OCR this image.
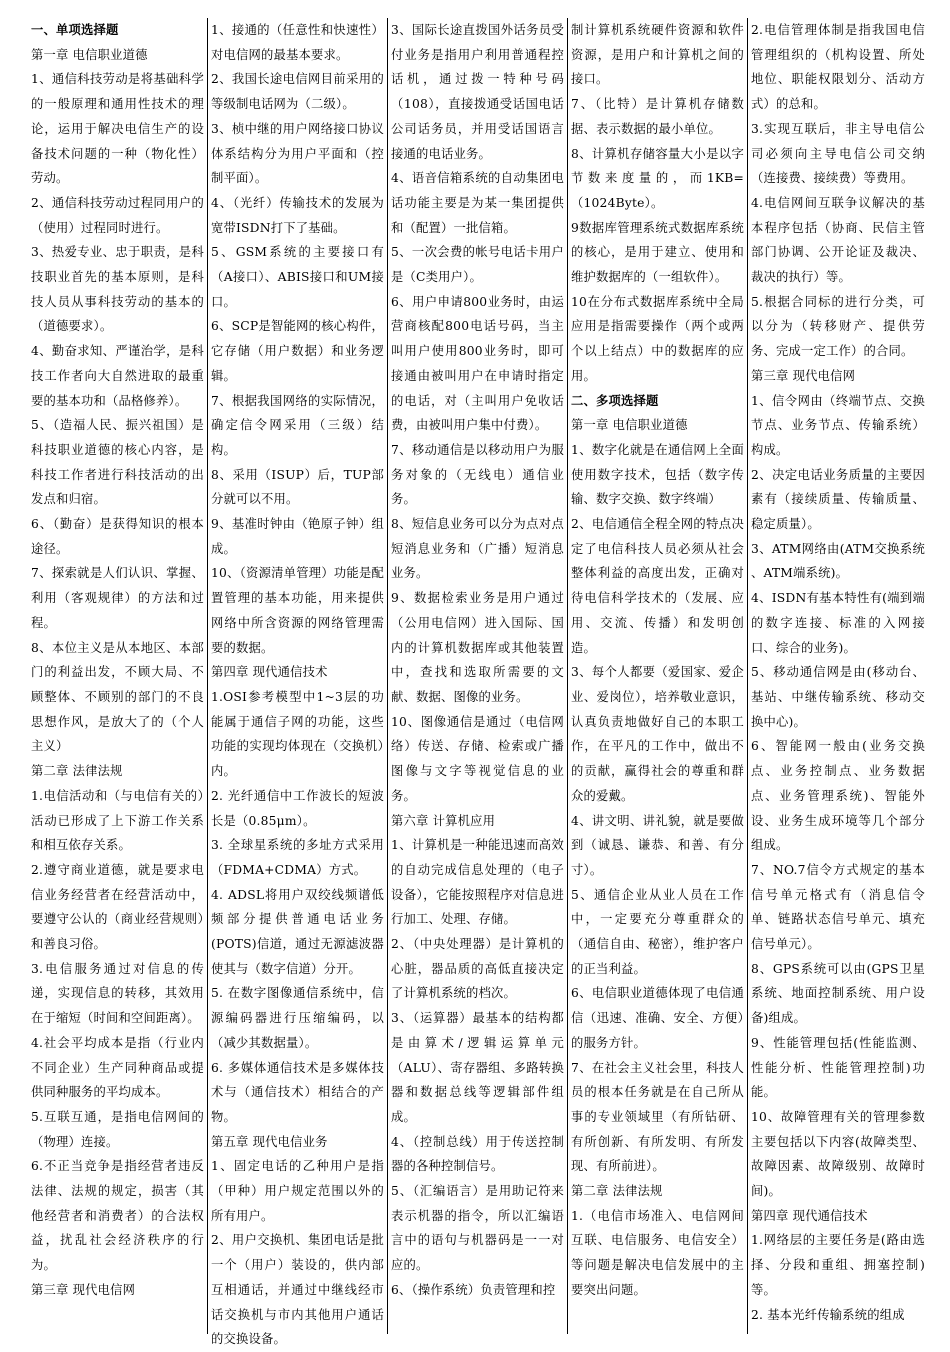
一、单项选择题

第一章 电信职业道德

1、通信科技劳动是将基础科学的一般原理和通用性技术的理论，运用于解决电信生产的设备技术问题的一种（物化性）劳动。

2、通信科技劳动过程同用户的（使用）过程同时进行。

3、热爱专业、忠于职责，是科技职业首先的基本原则，是科技人员从事科技劳动的基本的（道德要求）。

4、勤奋求知、严谨治学，是科技工作者向大自然进取的最重要的基本功和（品格修养）。

5、（造福人民、振兴祖国）是科技职业道德的核心内容，是科技工作者进行科技活动的出发点和归宿。

6、（勤奋）是获得知识的根本途径。

7、探索就是人们认识、掌握、利用（客观规律）的方法和过程。

8、本位主义是从本地区、本部门的利益出发，不顾大局、不顾整体、不顾别的部门的不良思想作风，是放大了的（个人主义）

第二章 法律法规

1.电信活动和（与电信有关的）活动已形成了上下游工作关系和相互依存关系。

2.遵守商业道德，就是要求电信业务经营者在经营活动中，要遵守公认的（商业经营规则）和善良习俗。

3.电信服务通过对信息的传递，实现信息的转移，其效用在于缩短（时间和空间距离）。

4.社会平均成本是指（行业内不同企业）生产同种商品或提供同种服务的平均成本。

5.互联互通，是指电信网间的（物理）连接。

6.不正当竞争是指经营者违反法律、法规的规定，损害（其他经营者和消费者）的合法权益，扰乱社会经济秩序的行为。

第三章 现代电信网

1、接通的（任意性和快速性）对电信网的最基本要求。

2、我国长途电信网目前采用的等级制电话网为（二级）。

3、桢中继的用户网络接口协议体系结构分为用户平面和（控制平面）。

4、（光纤）传输技术的发展为宽带ISDN打下了基础。

5、GSM系统的主要接口有（A接口）、ABIS接口和UM接口。

6、SCP是智能网的核心构件，它存储（用户数据）和业务逻辑。

7、根据我国网络的实际情况，确定信令网采用（三级）结构。

8、采用（ISUP）后，TUP部分就可以不用。

9、基准时钟由（铯原子钟）组成。

10、（资源清单管理）功能是配置管理的基本功能，用来提供网络中所含资源的网络管理需要的数据。

第四章 现代通信技术

1.OSI参考模型中1~3层的功能属于通信子网的功能，这些功能的实现均体现在（交换机）内。

2. 光纤通信中工作波长的短波长是（0.85μm）。

3. 全球星系统的多址方式采用（FDMA+CDMA）方式。

4. ADSL将用户双绞线频谱低频部分提供普通电话业务(POTS)信道，通过无源滤波器使其与（数字信道）分开。

5. 在数字图像通信系统中，信源编码器进行压缩编码，以（减少其数据量）。

6. 多媒体通信技术是多媒体技术与（通信技术）相结合的产物。

第五章 现代电信业务

1、固定电话的乙种用户是指（甲种）用户规定范围以外的所有用户。

2、用户交换机、集团电话是批一个（用户）装设的，供内部互相通话，并通过中继线经市话交换机与市内其他用户通话的交换设备。

3、国际长途直拨国外话务员受付业务是指用户利用普通程控话机，通过拨一特种号码（108），直接拨通受话国电话公司话务员，并用受话国语言接通的电话业务。

4、语音信箱系统的自动集团电话功能主要是为某一集团提供和（配置）一批信箱。

5、一次会费的帐号电话卡用户是（C类用户）。

6、用户申请800业务时，由运营商核配800电话号码，当主叫用户使用800业务时，即可接通由被叫用户在申请时指定的电话，对（主叫用户免收话费，由被叫用户集中付费）。

7、移动通信是以移动用户为服务对象的（无线电）通信业务。

8、短信息业务可以分为点对点短消息业务和（广播）短消息业务。

9、数据检索业务是用户通过（公用电信网）进入国际、国内的计算机数据库或其他装置中，查找和选取所需要的文献、数据、图像的业务。

10、图像通信是通过（电信网络）传送、存储、检索或广播图像与文字等视觉信息的业务。

第六章 计算机应用

1、计算机是一种能迅速而高效的自动完成信息处理的（电子设备），它能按照程序对信息进行加工、处理、存储。

2、（中央处理器）是计算机的心脏，器品质的高低直接决定了计算机系统的档次。

3、（运算器）最基本的结构都是由算术/逻辑运算单元（ALU）、寄存器组、多路转换器和数据总线等逻辑部件组成。

4、（控制总线）用于传送控制器的各种控制信号。

5、（汇编语言）是用助记符来表示机器的指令，所以汇编语言中的语句与机器码是一一对应的。

6、（操作系统）负责管理和控

制计算机系统硬件资源和软件资源，是用户和计算机之间的接口。

7、（比特）是计算机存储数据、表示数据的最小单位。

8、计算机存储容量大小是以字节数来度量的，而1KB=（1024Byte）。

9数据库管理系统式数据库系统的核心，是用于建立、使用和维护数据库的（一组软件）。

10在分布式数据库系统中全局应用是指需要操作（两个或两个以上结点）中的数据库的应用。

二、多项选择题

第一章 电信职业道德

1、数字化就是在通信网上全面使用数字技术，包括（数字传输、数字交换、数字终端）

2、电信通信全程全网的特点决定了电信科技人员必须从社会整体利益的高度出发，正确对待电信科学技术的（发展、应用、交流、传播）和发明创造。

3、每个人都要（爱国家、爱企业、爱岗位），培养敬业意识，认真负责地做好自己的本职工作，在平凡的工作中，做出不的贡献，赢得社会的尊重和群众的爱戴。

4、讲文明、讲礼貌，就是要做到（诚恳、谦恭、和善、有分寸）。

5、通信企业从业人员在工作中，一定要充分尊重群众的（通信自由、秘密），维护客户的正当利益。

6、电信职业道德体现了电信通信（迅速、准确、安全、方便）的服务方针。

7、在社会主义社会里，科技人员的根本任务就是在自己所从事的专业领域里（有所钻研、有所创新、有所发明、有所发现、有所前进）。

第二章 法律法规

1.（电信市场准入、电信网间互联、电信服务、电信安全）等问题是解决电信发展中的主要突出问题。

2.电信管理体制是指我国电信管理组织的（机构设置、所处地位、职能权限划分、活动方式）的总和。

3.实现互联后，非主导电信公司必须向主导电信公司交纳（连接费、接续费）等费用。

4.电信网间互联争议解决的基本程序包括（协商、民信主管部门协调、公开论证及裁决、裁决的执行）等。

5.根据合同标的进行分类，可以分为（转移财产、提供劳务、完成一定工作）的合同。

第三章 现代电信网

1、信令网由（终端节点、交换节点、业务节点、传输系统）构成。

2、决定电话业务质量的主要因素有（接续质量、传输质量、稳定质量）。

3、ATM网络由(ATM交换系统 、ATM端系统)。

4、ISDN有基本特性有(端到端的数字连接、标准的入网接口、综合的业务)。

5、移动通信网是由(移动台、基站、中继传输系统、移动交换中心)。

6、智能网一般由(业务交换点、业务控制点、业务数据点、业务管理系统)、智能外设、业务生成环境等几个部分组成。

7、NO.7信令方式规定的基本信号单元格式有（消息信令单、链路状态信号单元、填充信号单元）。

8、GPS系统可以由(GPS卫星系统、地面控制系统、用户设备)组成。

9、性能管理包括(性能监测、性能分析、性能管理控制)功能。

10、故障管理有关的管理参数主要包括以下内容(故障类型、故障因素、故障级别、故障时间)。

第四章 现代通信技术

1.网络层的主要任务是(路由选择、分段和重组、拥塞控制)等。

2. 基本光纤传输系统的组成
